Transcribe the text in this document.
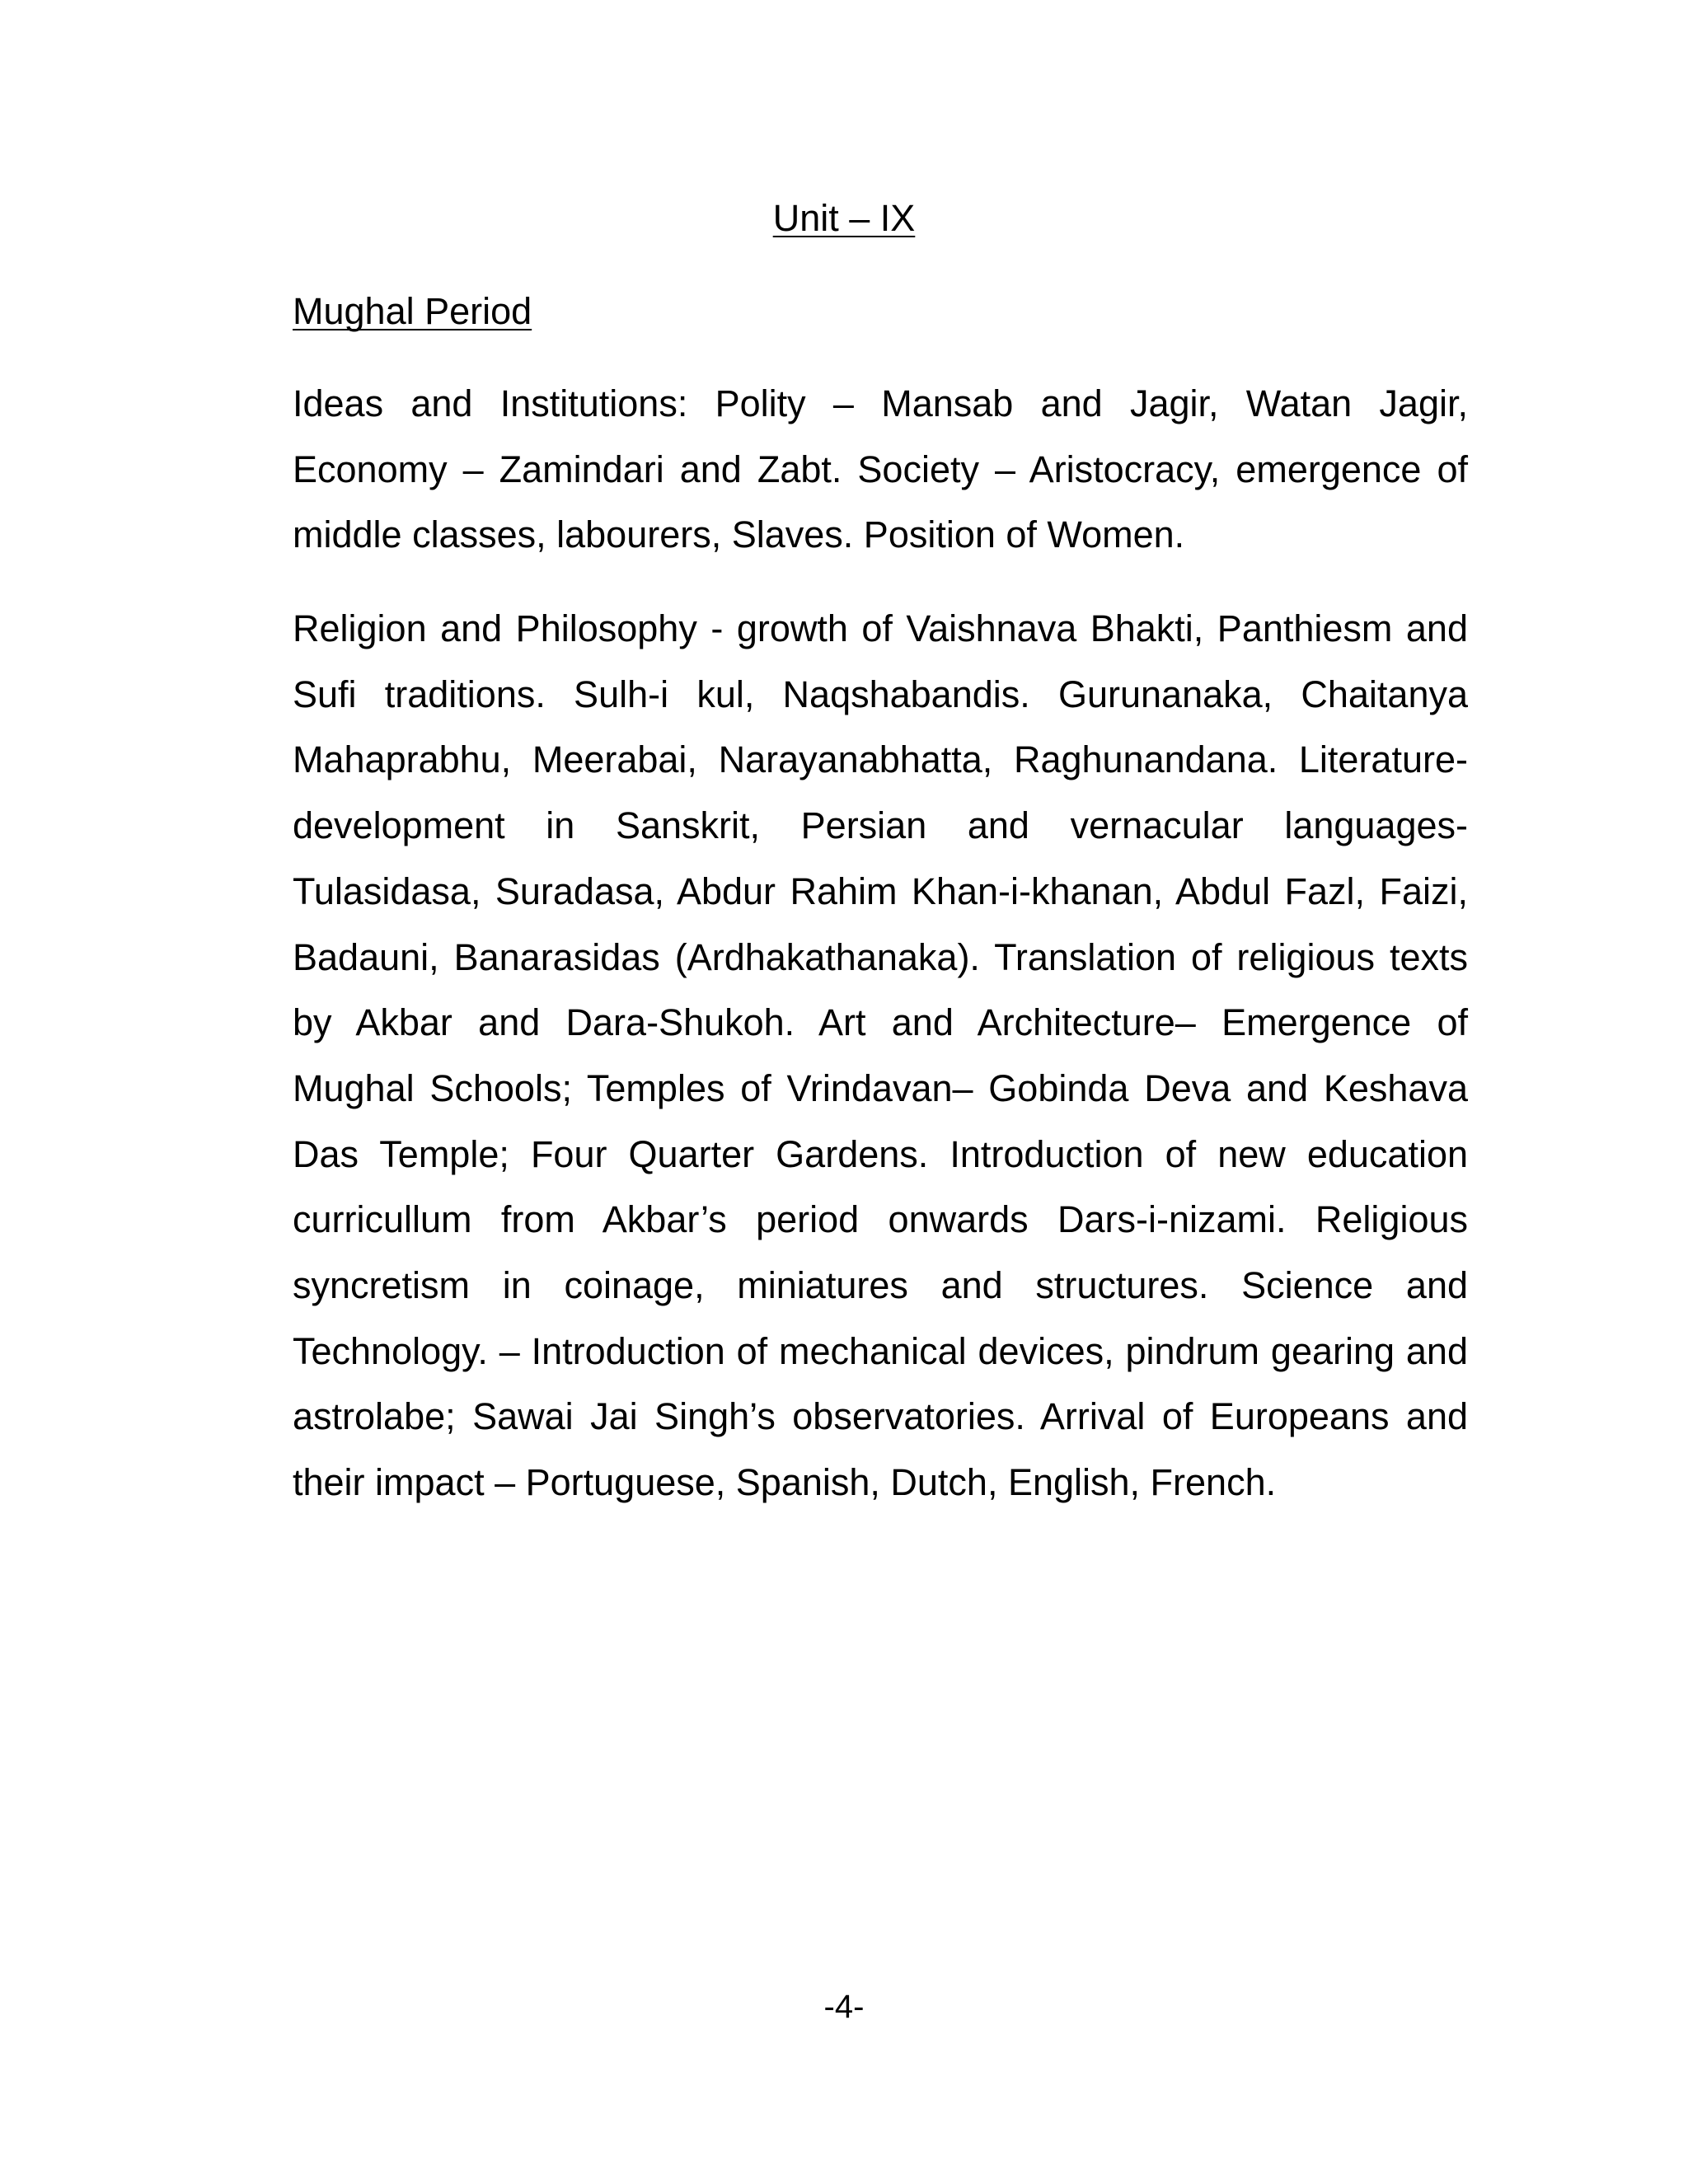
Unit – IX
Mughal Period

Ideas and Institutions: Polity – Mansab and Jagir, Watan Jagir, Economy – Zamindari and Zabt. Society – Aristocracy, emergence of middle classes, labourers, Slaves. Position of Women.

Religion and Philosophy - growth of Vaishnava Bhakti, Panthiesm and Sufi traditions. Sulh-i kul, Naqshabandis. Gurunanaka, Chaitanya Mahaprabhu, Meerabai, Narayanabhatta, Raghunandana. Literature-development in Sanskrit, Persian and vernacular languages-Tulasidasa, Suradasa, Abdur Rahim Khan-i-khanan, Abdul Fazl, Faizi, Badauni, Banarasidas (Ardhakathanaka). Translation of religious texts by Akbar and Dara-Shukoh. Art and Architecture– Emergence of Mughal Schools; Temples of Vrindavan– Gobinda Deva and Keshava Das Temple; Four Quarter Gardens. Introduction of new education curricullum from Akbar’s period onwards Dars-i-nizami. Religious syncretism in coinage, miniatures and structures. Science and Technology. – Introduction of mechanical devices, pindrum gearing and astrolabe; Sawai Jai Singh’s observatories. Arrival of Europeans and their impact – Portuguese, Spanish, Dutch, English, French.

-4-
